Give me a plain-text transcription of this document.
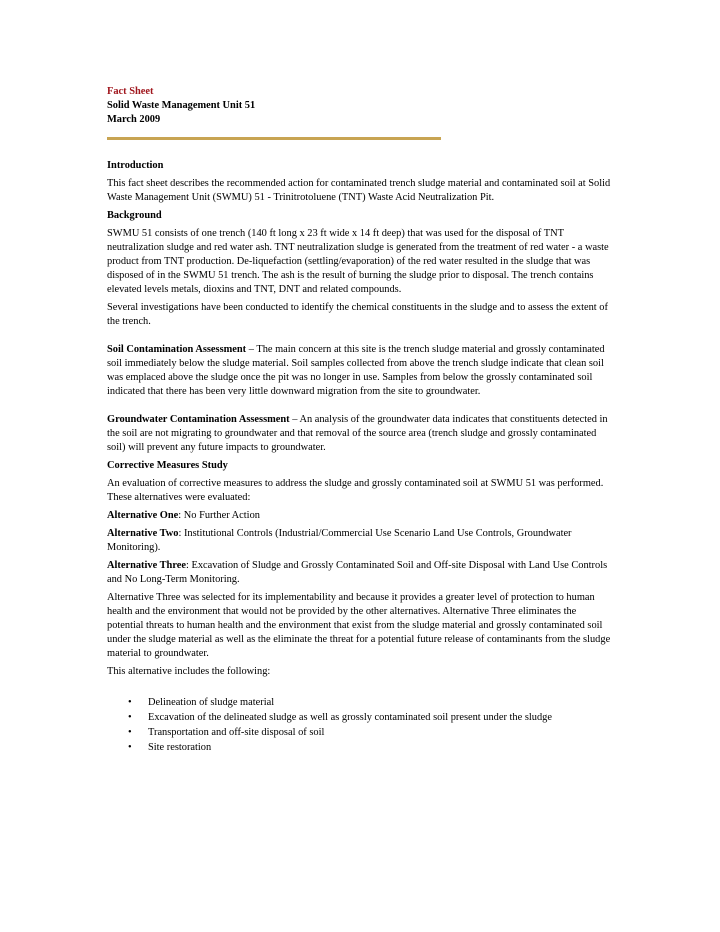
Fact Sheet
Solid Waste Management Unit 51
March 2009
Introduction

This fact sheet describes the recommended action for contaminated trench sludge material and contaminated soil at Solid Waste Management Unit (SWMU) 51 - Trinitrotoluene (TNT) Waste Acid Neutralization Pit.

Background

SWMU 51 consists of one trench (140 ft long x 23 ft wide x 14 ft deep) that was used for the disposal of TNT neutralization sludge and red water ash. TNT neutralization sludge is generated from the treatment of red water - a waste product from TNT production. De-liquefaction (settling/evaporation) of the red water resulted in the sludge that was disposed of in the SWMU 51 trench. The ash is the result of burning the sludge prior to disposal. The trench contains elevated levels metals, dioxins and TNT, DNT and related compounds.

Several investigations have been conducted to identify the chemical constituents in the sludge and to assess the extent of the trench.

Soil Contamination Assessment – The main concern at this site is the trench sludge material and grossly contaminated soil immediately below the sludge material. Soil samples collected from above the trench sludge indicate that clean soil was emplaced above the sludge once the pit was no longer in use. Samples from below the grossly contaminated soil indicated that there has been very little downward migration from the site to groundwater.

Groundwater Contamination Assessment – An analysis of the groundwater data indicates that constituents detected in the soil are not migrating to groundwater and that removal of the source area (trench sludge and grossly contaminated soil) will prevent any future impacts to groundwater.

Corrective Measures Study

An evaluation of corrective measures to address the sludge and grossly contaminated soil at SWMU 51 was performed. These alternatives were evaluated:

Alternative One: No Further Action

Alternative Two: Institutional Controls (Industrial/Commercial Use Scenario Land Use Controls, Groundwater Monitoring).

Alternative Three: Excavation of Sludge and Grossly Contaminated Soil and Off-site Disposal with Land Use Controls and No Long-Term Monitoring.

Alternative Three was selected for its implementability and because it provides a greater level of protection to human health and the environment that would not be provided by the other alternatives. Alternative Three eliminates the potential threats to human health and the environment that exist from the sludge material and grossly contaminated soil under the sludge material as well as the eliminate the threat for a potential future release of contaminants from the sludge material to groundwater.

This alternative includes the following:

• Delineation of sludge material
• Excavation of the delineated sludge as well as grossly contaminated soil present under the sludge
• Transportation and off-site disposal of soil
• Site restoration
